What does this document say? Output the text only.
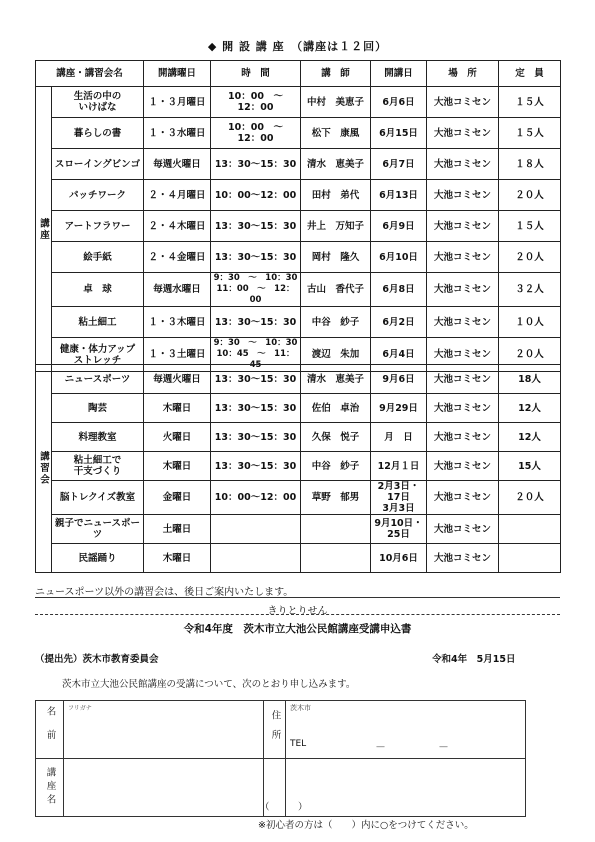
◆ 開 設 講 座　（講座は１２回）
講座・講習会名		開講曜日	時　間	講　師	開講日	場　所	定　員
講座	生活の中の
いけばな	１・３月曜日	10：00　～　12：00	中村　美恵子	6月6日	大池コミセン	１５人
	暮らしの書	１・３水曜日	10：00　～　12：00	松下　康風	6月15日	大池コミセン	１５人
	スローイングビンゴ	毎週火曜日	13：30～15：30	清水　恵美子	6月7日	大池コミセン	１８人
	パッチワーク	２・４月曜日	10：00～12：00	田村　弟代	6月13日	大池コミセン	２０人
	アートフラワー	２・４木曜日	13：30～15：30	井上　万知子	6月9日	大池コミセン	１５人
	絵手紙	２・４金曜日	13：30～15：30	岡村　隆久	6月10日	大池コミセン	２０人
	卓　球	毎週水曜日	9：30　～　10：30
11：00　～　12：00	古山　香代子	6月8日	大池コミセン	３２人
	粘土細工	１・３木曜日	13：30～15：30	中谷　紗子	6月2日	大池コミセン	１０人
	健康・体力アップ
ストレッチ	１・３土曜日	9：30　～　10：30
10：45　～　11：45	渡辺　朱加	6月4日	大池コミセン	２０人
講習会	ニュースポーツ	毎週火曜日	13：30～15：30	清水　恵美子	9月6日	大池コミセン	18人
	陶芸	木曜日	13：30～15：30	佐伯　卓治	9月29日	大池コミセン	12人
	料理教室	火曜日	13：30～15：30	久保　悦子	月　日	大池コミセン	12人
	粘土細工で
干支づくり	木曜日	13：30～15：30	中谷　紗子	12月１日	大池コミセン	15人
	脳トレクイズ教室	金曜日	10：00～12：00	草野　郁男	2月3日・17日
3月3日	大池コミセン	２０人
	親子でニュースポーツ	土曜日			9月10日・25日	大池コミセン	
	民謡踊り	木曜日			10月6日	大池コミセン	
ニュースポーツ以外の講習会は、後日ご案内いたします。
きりとりせん
令和4年度　茨木市立大池公民館講座受講申込書
（提出先）茨木市教育委員会	令和4年　5月15日
茨木市立大池公民館講座の受講について、次のとおり申し込みます。
名前	フリガナ	住所	茨木市
TEL —　　　　　　—

講座名	（　　　）		

※初心者の方は（　　）内に○をつけてください。
